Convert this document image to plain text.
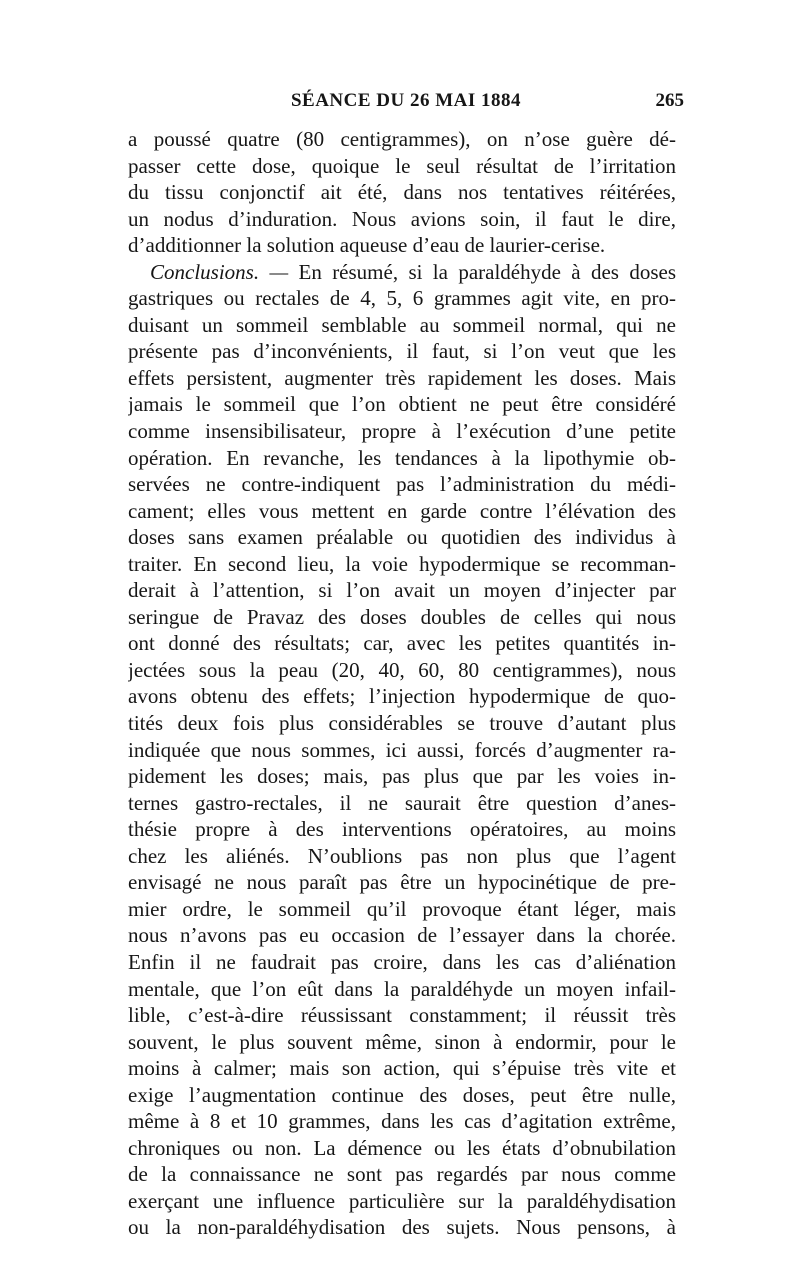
SÉANCE DU 26 MAI 1884	265
a poussé quatre (80 centigrammes), on n’ose guère dé-
passer cette dose, quoique le seul résultat de l’irritation
du tissu conjonctif ait été, dans nos tentatives réitérées,
un nodus d’induration. Nous avions soin, il faut le dire,
d’additionner la solution aqueuse d’eau de laurier-cerise.
Conclusions. — En résumé, si la paraldéhyde à des doses
gastriques ou rectales de 4, 5, 6 grammes agit vite, en pro-
duisant un sommeil semblable au sommeil normal, qui ne
présente pas d’inconvénients, il faut, si l’on veut que les
effets persistent, augmenter très rapidement les doses. Mais
jamais le sommeil que l’on obtient ne peut être considéré
comme insensibilisateur, propre à l’exécution d’une petite
opération. En revanche, les tendances à la lipothymie ob-
servées ne contre-indiquent pas l’administration du médi-
cament; elles vous mettent en garde contre l’élévation des
doses sans examen préalable ou quotidien des individus à
traiter. En second lieu, la voie hypodermique se recomman-
derait à l’attention, si l’on avait un moyen d’injecter par
seringue de Pravaz des doses doubles de celles qui nous
ont donné des résultats; car, avec les petites quantités in-
jectées sous la peau (20, 40, 60, 80 centigrammes), nous
avons obtenu des effets; l’injection hypodermique de quo-
tités deux fois plus considérables se trouve d’autant plus
indiquée que nous sommes, ici aussi, forcés d’augmenter ra-
pidement les doses; mais, pas plus que par les voies in-
ternes gastro-rectales, il ne saurait être question d’anes-
thésie propre à des interventions opératoires, au moins
chez les aliénés. N’oublions pas non plus que l’agent
envisagé ne nous paraît pas être un hypocinétique de pre-
mier ordre, le sommeil qu’il provoque étant léger, mais
nous n’avons pas eu occasion de l’essayer dans la chorée.
Enfin il ne faudrait pas croire, dans les cas d’aliénation
mentale, que l’on eût dans la paraldéhyde un moyen infail-
lible, c’est-à-dire réussissant constamment; il réussit très
souvent, le plus souvent même, sinon à endormir, pour le
moins à calmer; mais son action, qui s’épuise très vite et
exige l’augmentation continue des doses, peut être nulle,
même à 8 et 10 grammes, dans les cas d’agitation extrême,
chroniques ou non. La démence ou les états d’obnubilation
de la connaissance ne sont pas regardés par nous comme
exerçant une influence particulière sur la paraldéhydisation
ou la non-paraldéhydisation des sujets. Nous pensons, à
